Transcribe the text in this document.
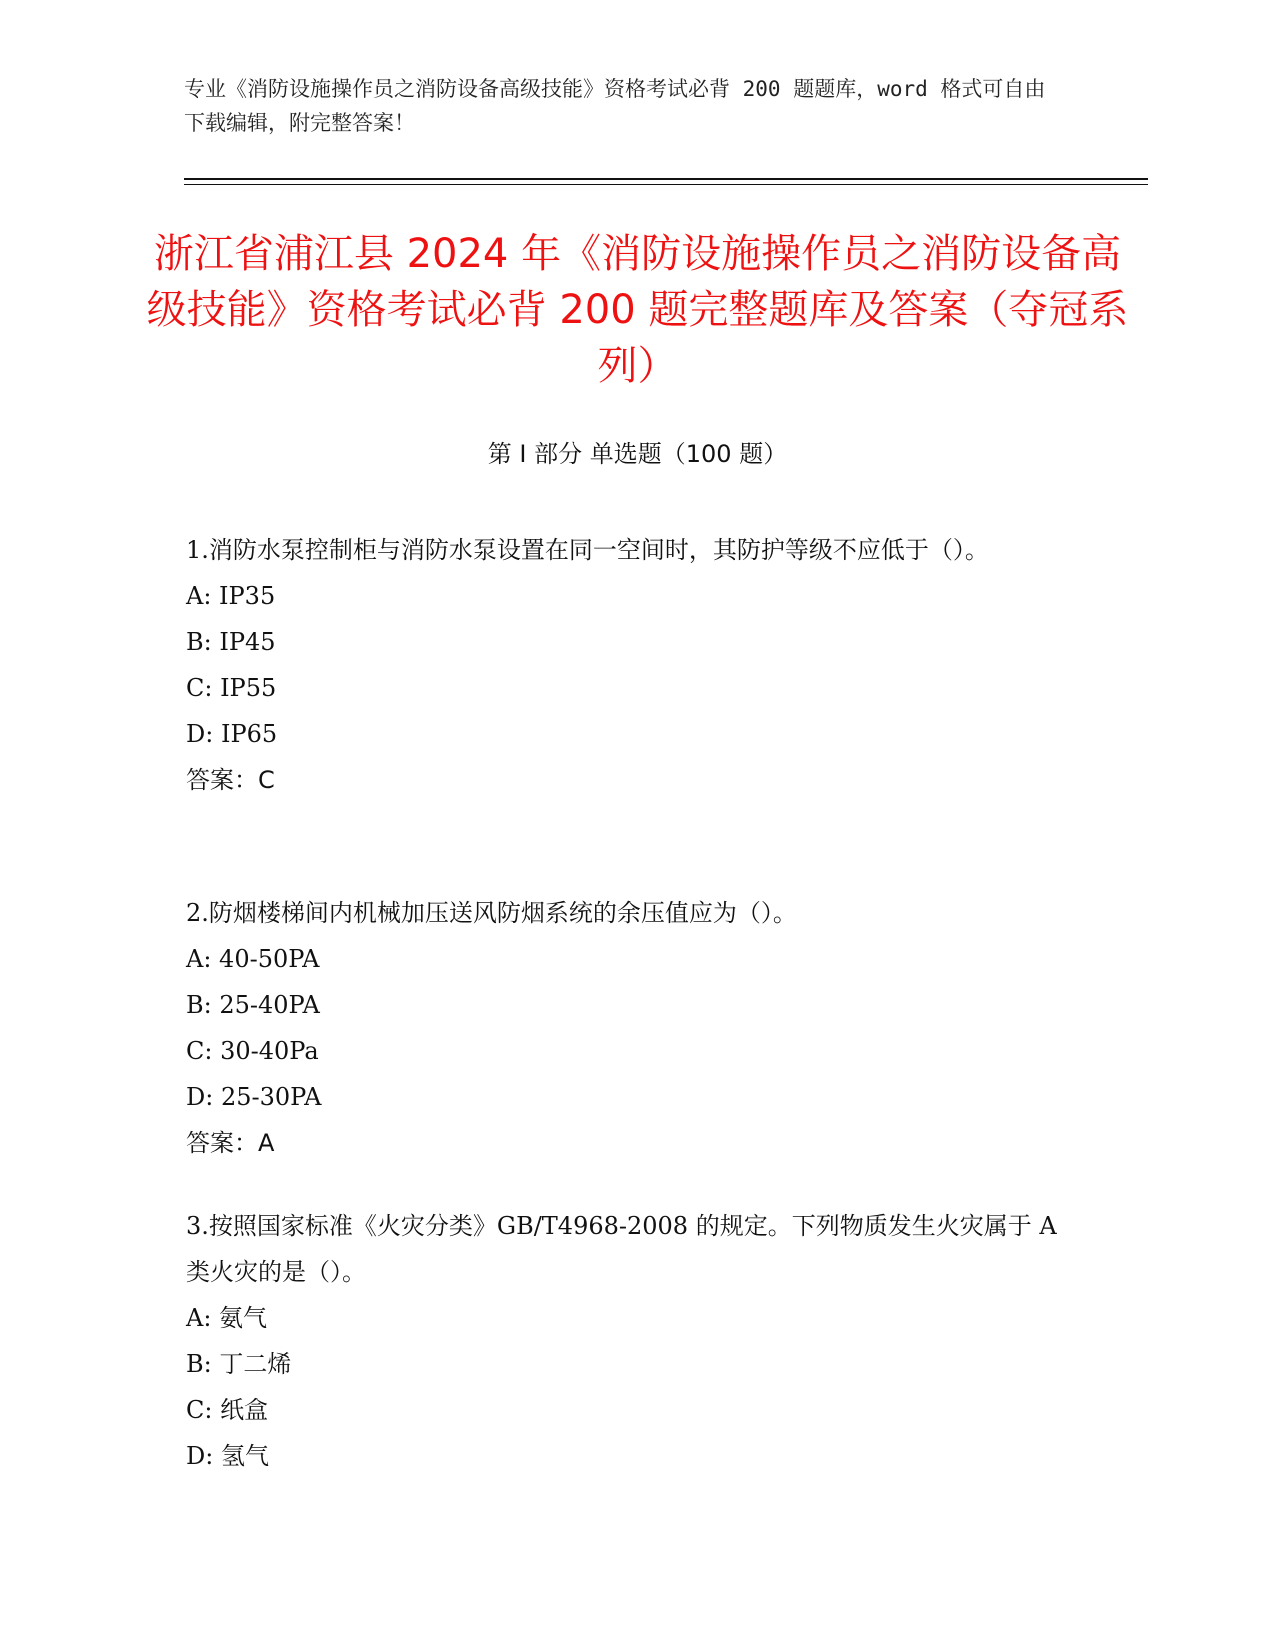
专业《消防设施操作员之消防设备高级技能》资格考试必背 200 题题库，word 格式可自由下载编辑，附完整答案！
浙江省浦江县 2024 年《消防设施操作员之消防设备高级技能》资格考试必背 200 题完整题库及答案（夺冠系列）
第 I 部分 单选题（100 题）
1.消防水泵控制柜与消防水泵设置在同一空间时，其防护等级不应低于（）。
A: IP35
B: IP45
C: IP55
D: IP65
答案：C
2.防烟楼梯间内机械加压送风防烟系统的余压值应为（）。
A: 40-50PA
B: 25-40PA
C: 30-40Pa
D: 25-30PA
答案：A
3.按照国家标准《火灾分类》GB/T4968-2008 的规定。下列物质发生火灾属于 A 类火灾的是（）。
A: 氨气
B: 丁二烯
C: 纸盒
D: 氢气
